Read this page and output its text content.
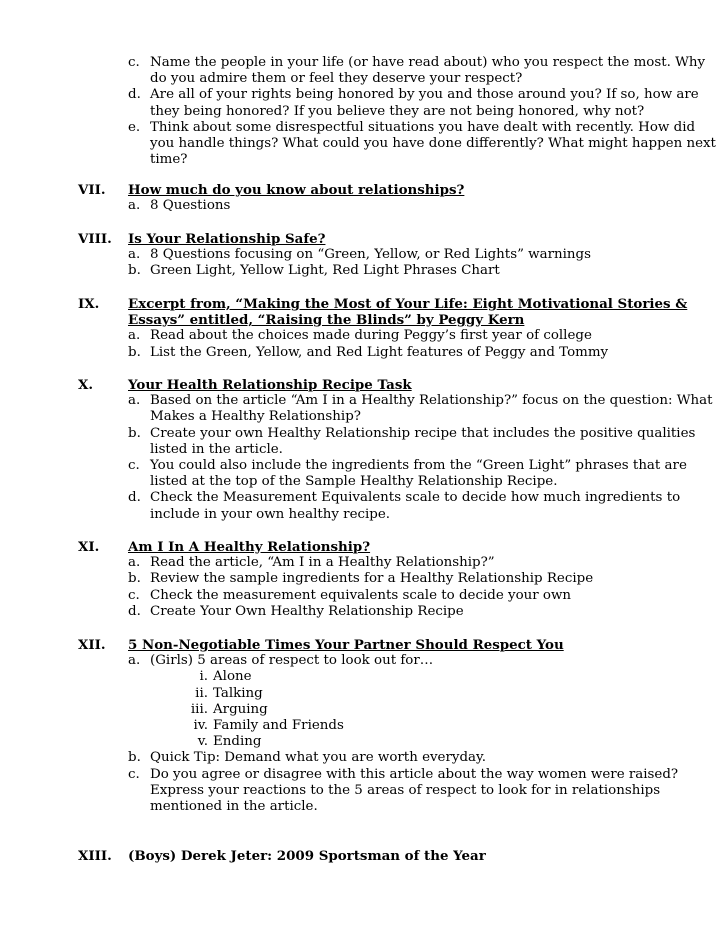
c. Name the people in your life (or have read about) who you respect the most. Why do you admire them or feel they deserve your respect?
d. Are all of your rights being honored by you and those around you? If so, how are they being honored? If you believe they are not being honored, why not?
e. Think about some disrespectful situations you have dealt with recently. How did you handle things? What could you have done differently? What might happen next time?
VII. How much do you know about relationships?
a. 8 Questions
VIII. Is Your Relationship Safe?
a. 8 Questions focusing on “Green, Yellow, or Red Lights” warnings
b. Green Light, Yellow Light, Red Light Phrases Chart
IX. Excerpt from, “Making the Most of Your Life: Eight Motivational Stories & Essays” entitled, “Raising the Blinds” by Peggy Kern
a. Read about the choices made during Peggy’s first year of college
b. List the Green, Yellow, and Red Light features of Peggy and Tommy
X.	Your Health Relationship Recipe Task
a. Based on the article “Am I in a Healthy Relationship?” focus on the question: What Makes a Healthy Relationship?
b. Create your own Healthy Relationship recipe that includes the positive qualities listed in the article.
c. You could also include the ingredients from the “Green Light” phrases that are listed at the top of the Sample Healthy Relationship Recipe.
d. Check the Measurement Equivalents scale to decide how much ingredients to include in your own healthy recipe.
XI. Am I In A Healthy Relationship?
a. Read the article, “Am I in a Healthy Relationship?”
b. Review the sample ingredients for a Healthy Relationship Recipe
c. Check the measurement equivalents scale to decide your own
d. Create Your Own Healthy Relationship Recipe
XII. 5 Non-Negotiable Times Your Partner Should Respect You
a. (Girls) 5 areas of respect to look out for…
i. Alone
ii. Talking
iii. Arguing
iv. Family and Friends
v. Ending
b. Quick Tip: Demand what you are worth everyday.
c. Do you agree or disagree with this article about the way women were raised? Express your reactions to the 5 areas of respect to look for in relationships mentioned in the article.
XIII. (Boys) Derek Jeter: 2009 Sportsman of the Year
